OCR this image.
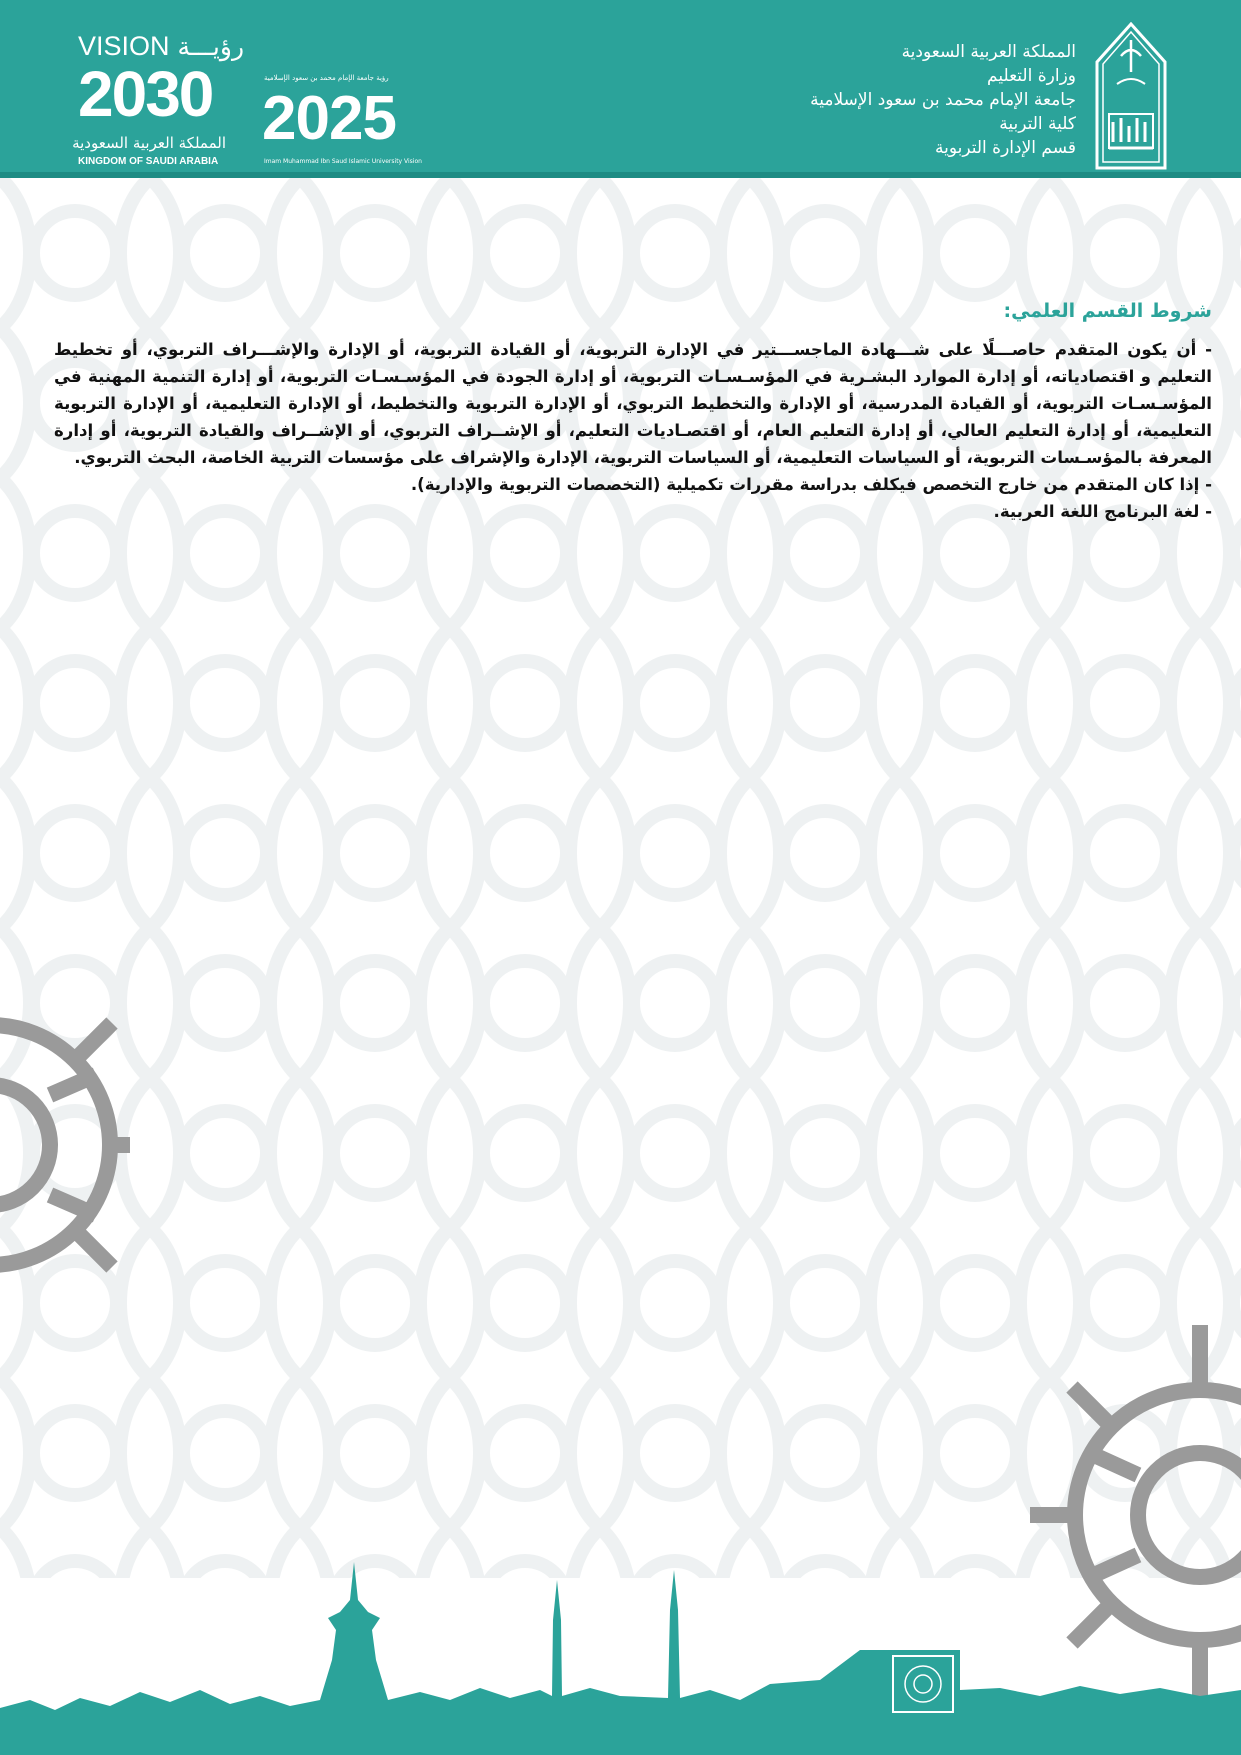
المملكة العربية السعودية
وزارة التعليم
جامعة الإمام محمد بن سعود الإسلامية
كلية التربية
قسم الإدارة التربوية
رؤية جامعة الإمام محمد بن سعود الإسلامية
2025
Imam Muhammad Ibn Saud Islamic University Vision
VISION رؤيـــة
2030
المملكة العربية السعودية
KINGDOM OF SAUDI ARABIA
شروط القسم العلمي:

- أن يكون المتقدم حاصـــلًا على شـــهادة الماجســـتير في الإدارة التربوية، أو القيادة التربوية، أو الإدارة والإشـــراف التربوي، أو تخطيط التعليم و اقتصادياته، أو إدارة الموارد البشـرية في المؤسـسـات التربوية، أو إدارة الجودة في المؤسـسـات التربوية، أو إدارة التنمية المهنية في المؤسـسـات التربوية، أو القيادة المدرسية، أو الإدارة والتخطيط التربوي، أو الإدارة التربوية والتخطيط، أو الإدارة التعليمية، أو الإدارة التربوية التعليمية، أو إدارة التعليم العالي، أو إدارة التعليم العام، أو اقتصـاديات التعليم، أو الإشــراف التربوي، أو الإشــراف والقيادة التربوية، أو إدارة المعرفة بالمؤسـسات التربوية، أو السياسات التعليمية، أو السياسات التربوية، الإدارة والإشراف على مؤسسات التربية الخاصة، البحث التربوي.

- إذا كان المتقدم من خارج التخصص فيكلف بدراسة مقررات تكميلية (التخصصات التربوية والإدارية).

- لغة البرنامج اللغة العربية.
